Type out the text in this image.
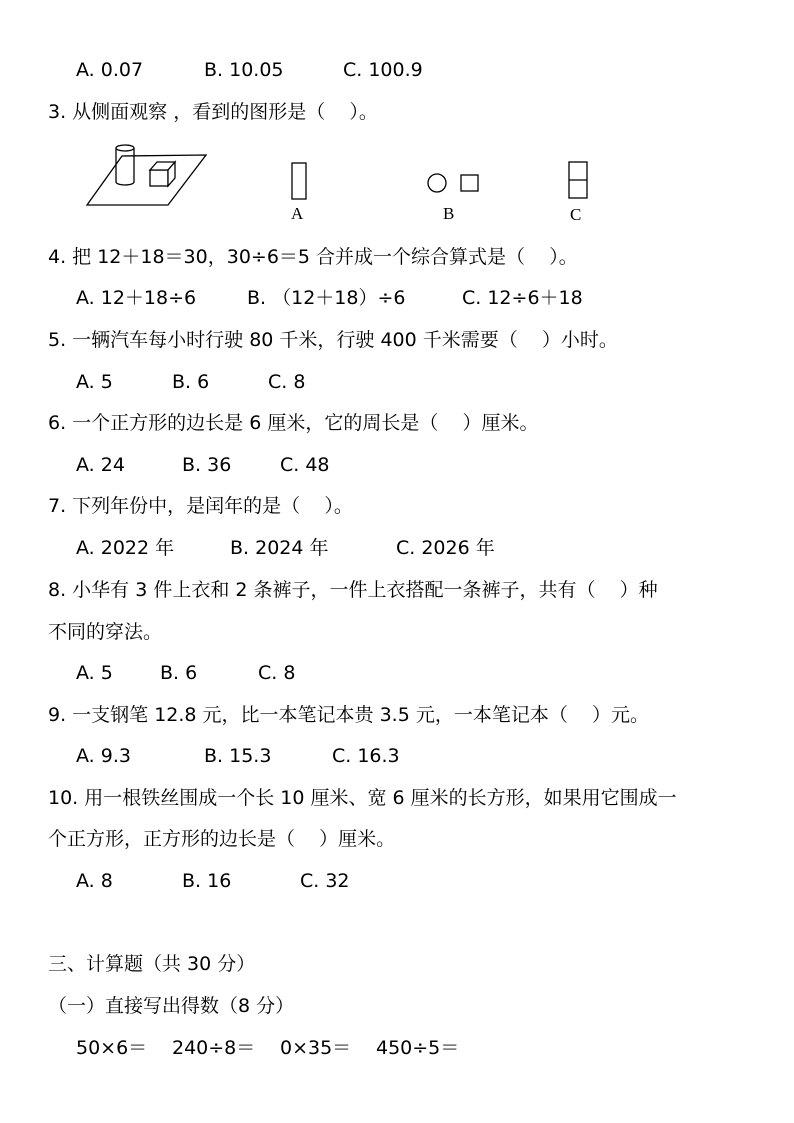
A. 0.07	B. 10.05	C. 100.9
3. 从侧面观察 ，看到的图形是（    ）。
A	B	C
4. 把 12＋18＝30，30÷6＝5 合并成一个综合算式是（    ）。
A. 12＋18÷6	B. （12＋18）÷6	C. 12÷6＋18
5. 一辆汽车每小时行驶 80 千米，行驶 400 千米需要（    ）小时。
A. 5	B. 6	C. 8
6. 一个正方形的边长是 6 厘米，它的周长是（    ）厘米。
A. 24	B. 36	C. 48
7. 下列年份中，是闰年的是（    ）。
A. 2022 年	B. 2024 年	C. 2026 年
8. 小华有 3 件上衣和 2 条裤子，一件上衣搭配一条裤子，共有（    ）种
不同的穿法。
A. 5 B. 6	C. 8
9. 一支钢笔 12.8 元，比一本笔记本贵 3.5 元，一本笔记本（    ）元。
A. 9.3	B. 15.3	C. 16.3
10. 用一根铁丝围成一个长 10 厘米、宽 6 厘米的长方形，如果用它围成一
个正方形，正方形的边长是（    ）厘米。
A. 8	B. 16	C. 32
三、计算题（共 30 分）
（一）直接写出得数（8 分）
50×6＝ 240÷8＝ 0×35＝ 450÷5＝
